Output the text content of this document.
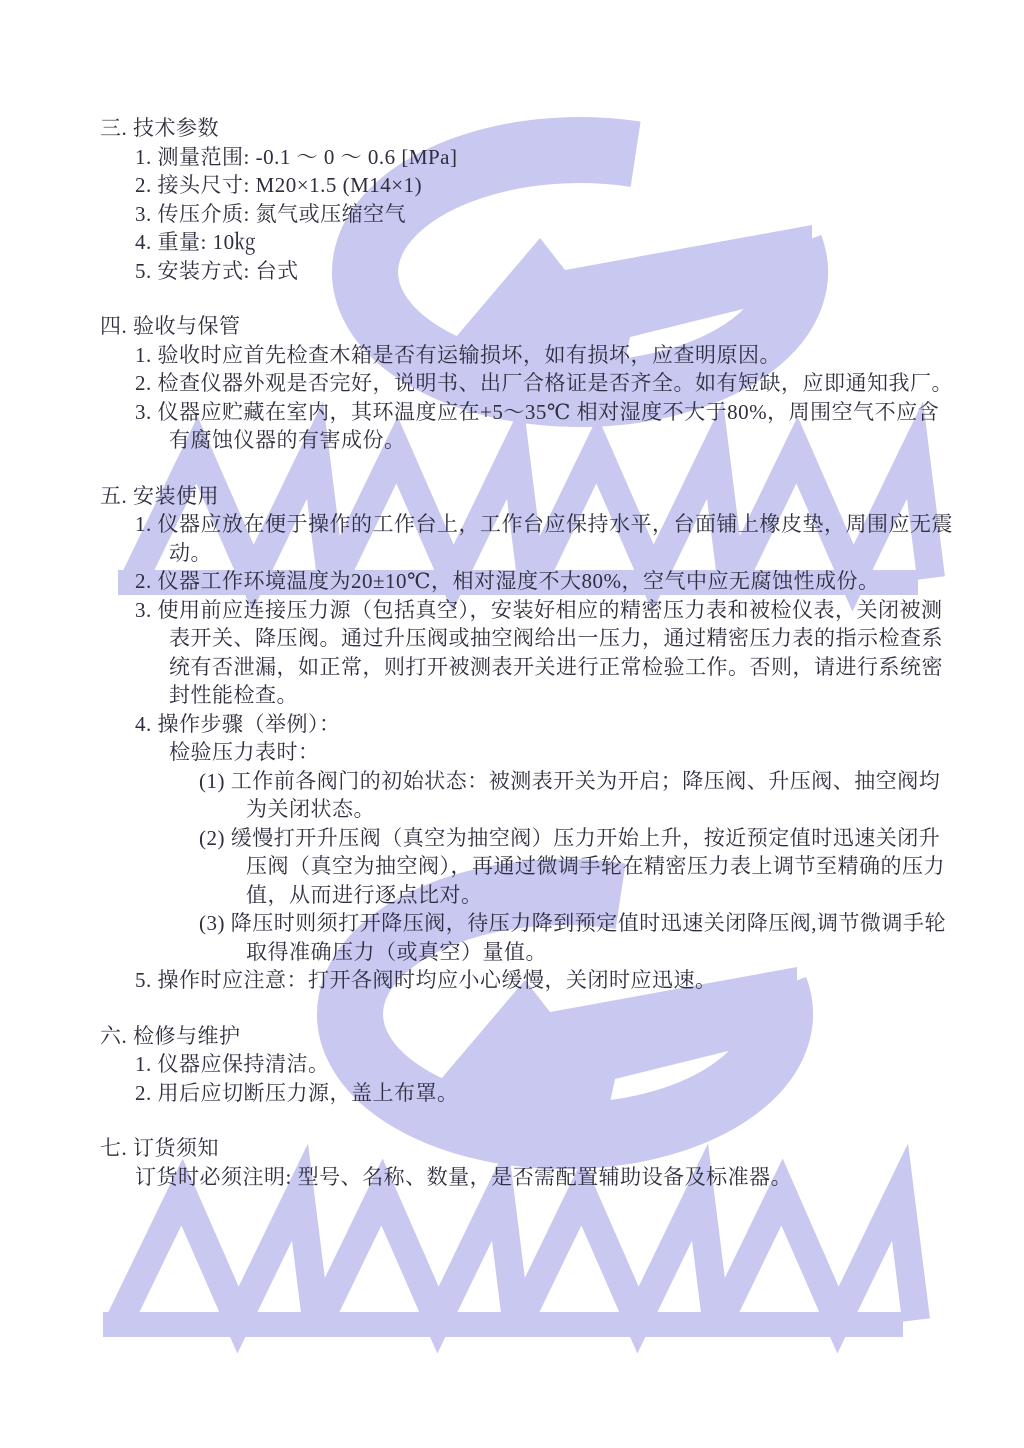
三. 技术参数

1. 测量范围: -0.1 ～ 0 ～ 0.6 [MPa]

2. 接头尺寸: M20×1.5 (M14×1)

3. 传压介质: 氮气或压缩空气

4. 重量: 10㎏

5. 安装方式: 台式

四. 验收与保管

1. 验收时应首先检查木箱是否有运输损坏，如有损坏，应查明原因。

2. 检查仪器外观是否完好，说明书、出厂合格证是否齐全。如有短缺，应即通知我厂。

3. 仪器应贮藏在室内，其环温度应在+5～35℃ 相对湿度不大于80%，周围空气不应含有腐蚀仪器的有害成份。

五. 安装使用

1. 仪器应放在便于操作的工作台上，工作台应保持水平，台面铺上橡皮垫，周围应无震动。

2. 仪器工作环境温度为20±10℃，相对湿度不大80%，空气中应无腐蚀性成份。

3. 使用前应连接压力源（包括真空），安装好相应的精密压力表和被检仪表，关闭被测表开关、降压阀。通过升压阀或抽空阀给出一压力，通过精密压力表的指示检查系统有否泄漏，如正常，则打开被测表开关进行正常检验工作。否则，请进行系统密封性能检查。

4. 操作步骤（举例）：

检验压力表时：

(1) 工作前各阀门的初始状态：被测表开关为开启；降压阀、升压阀、抽空阀均为关闭状态。

(2) 缓慢打开升压阀（真空为抽空阀）压力开始上升，按近预定值时迅速关闭升压阀（真空为抽空阀），再通过微调手轮在精密压力表上调节至精确的压力值，从而进行逐点比对。

(3) 降压时则须打开降压阀，待压力降到预定值时迅速关闭降压阀,调节微调手轮取得准确压力（或真空）量值。

5. 操作时应注意：打开各阀时均应小心缓慢，关闭时应迅速。

六. 检修与维护

1. 仪器应保持清洁。

2. 用后应切断压力源，盖上布罩。

七. 订货须知

订货时必须注明: 型号、名称、数量，是否需配置辅助设备及标准器。
